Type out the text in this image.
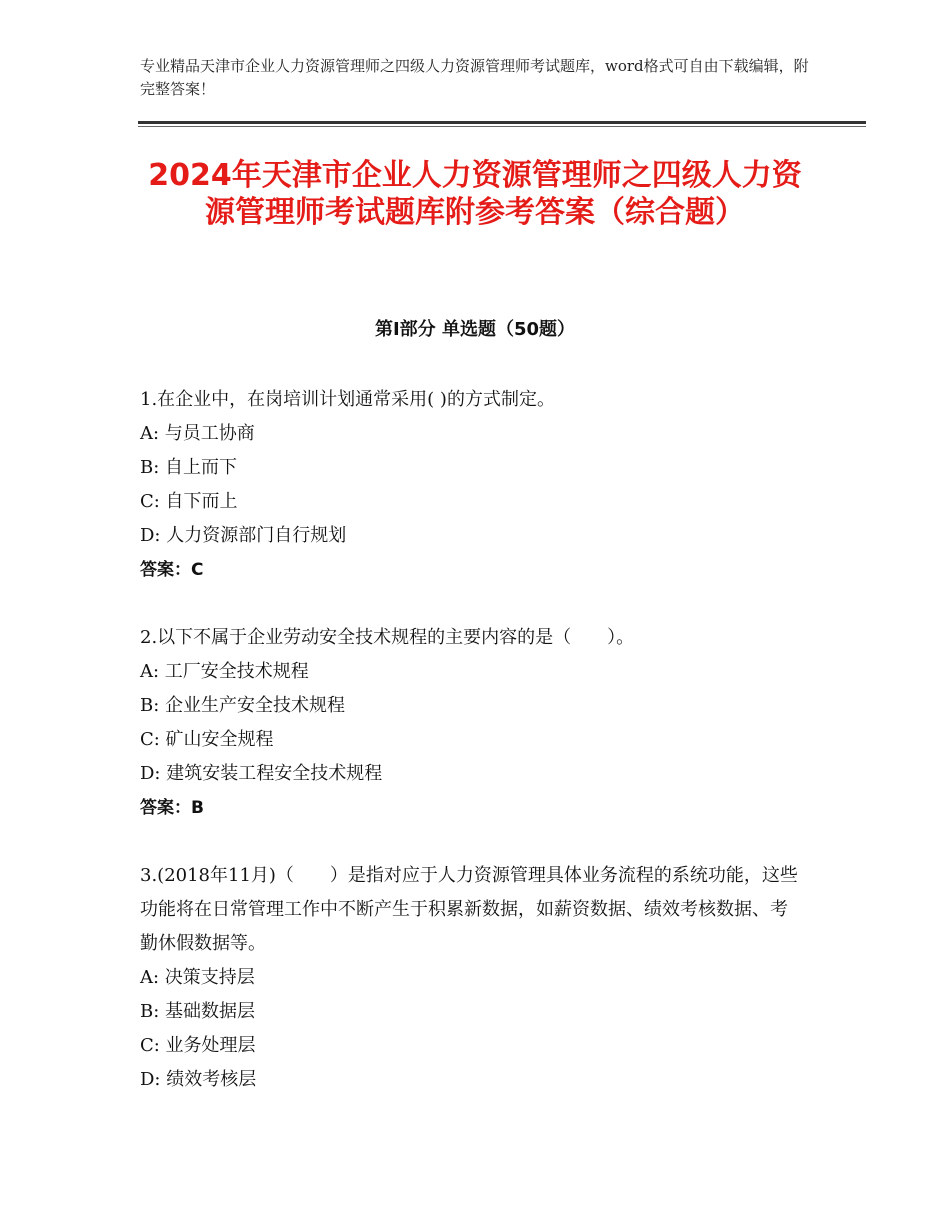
专业精品天津市企业人力资源管理师之四级人力资源管理师考试题库，word格式可自由下载编辑，附完整答案！
2024年天津市企业人力资源管理师之四级人力资源管理师考试题库附参考答案（综合题）
第Ⅰ部分 单选题（50题）
1.在企业中，在岗培训计划通常采用( )的方式制定。
A: 与员工协商
B: 自上而下
C: 自下而上
D: 人力资源部门自行规划
答案：C
2.以下不属于企业劳动安全技术规程的主要内容的是（　　）。
A: 工厂安全技术规程
B: 企业生产安全技术规程
C: 矿山安全规程
D: 建筑安装工程安全技术规程
答案：B
3.(2018年11月)（　　）是指对应于人力资源管理具体业务流程的系统功能，这些功能将在日常管理工作中不断产生于积累新数据，如薪资数据、绩效考核数据、考勤休假数据等。
A: 决策支持层
B: 基础数据层
C: 业务处理层
D: 绩效考核层
